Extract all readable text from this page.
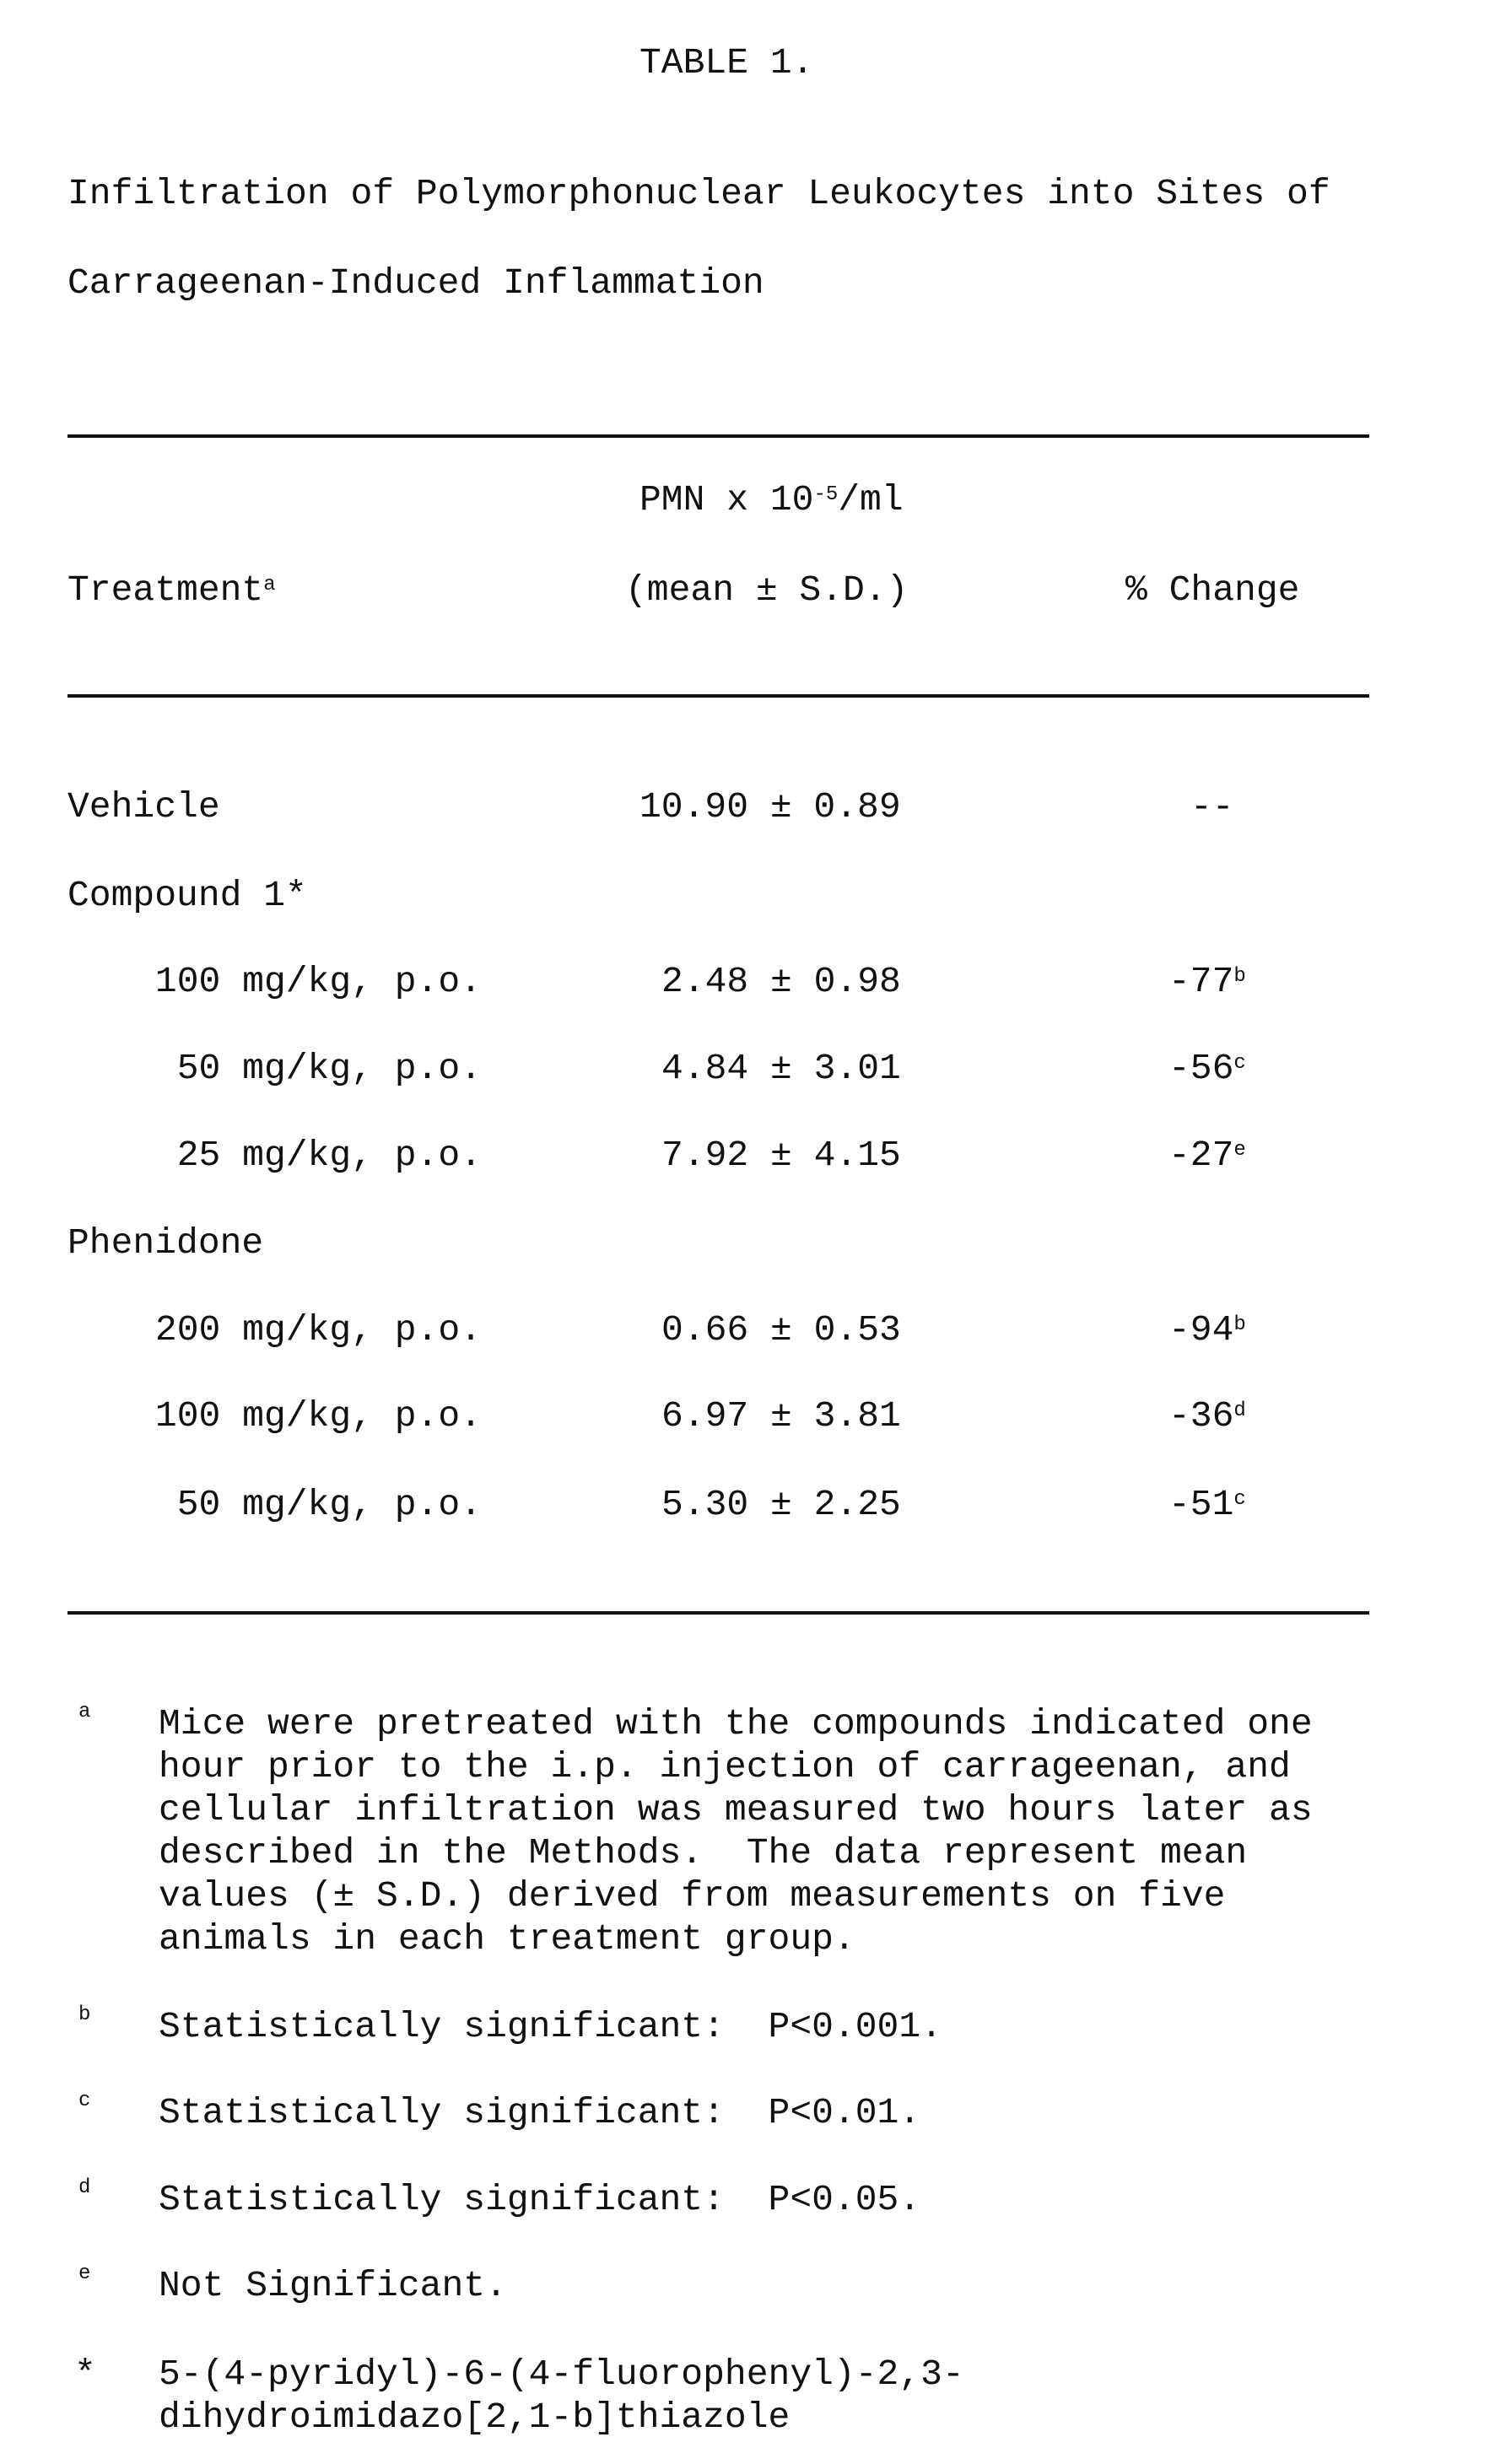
TABLE 1.
Infiltration of Polymorphonuclear Leukocytes into Sites of
Carrageenan-Induced Inflammation
PMN x 10-5/ml
Treatmenta	(mean ± S.D.)	% Change
Vehicle	10.90 ± 0.89	--
Compound 1*
100 mg/kg, p.o.	2.48 ± 0.98	-77b
50 mg/kg, p.o.	4.84 ± 3.01	-56c
25 mg/kg, p.o.	7.92 ± 4.15	-27e
Phenidone
200 mg/kg, p.o.	0.66 ± 0.53	-94b
100 mg/kg, p.o.	6.97 ± 3.81	-36d
50 mg/kg, p.o.	5.30 ± 2.25	-51c
a Mice were pretreated with the compounds indicated one
hour prior to the i.p. injection of carrageenan, and
cellular infiltration was measured two hours later as
described in the Methods.  The data represent mean
values (± S.D.) derived from measurements on five
animals in each treatment group.
b Statistically significant:  P<0.001.
c Statistically significant:  P<0.01.
d Statistically significant:  P<0.05.
e Not Significant.
* 5-(4-pyridyl)-6-(4-fluorophenyl)-2,3-
dihydroimidazo[2,1-b]thiazole
